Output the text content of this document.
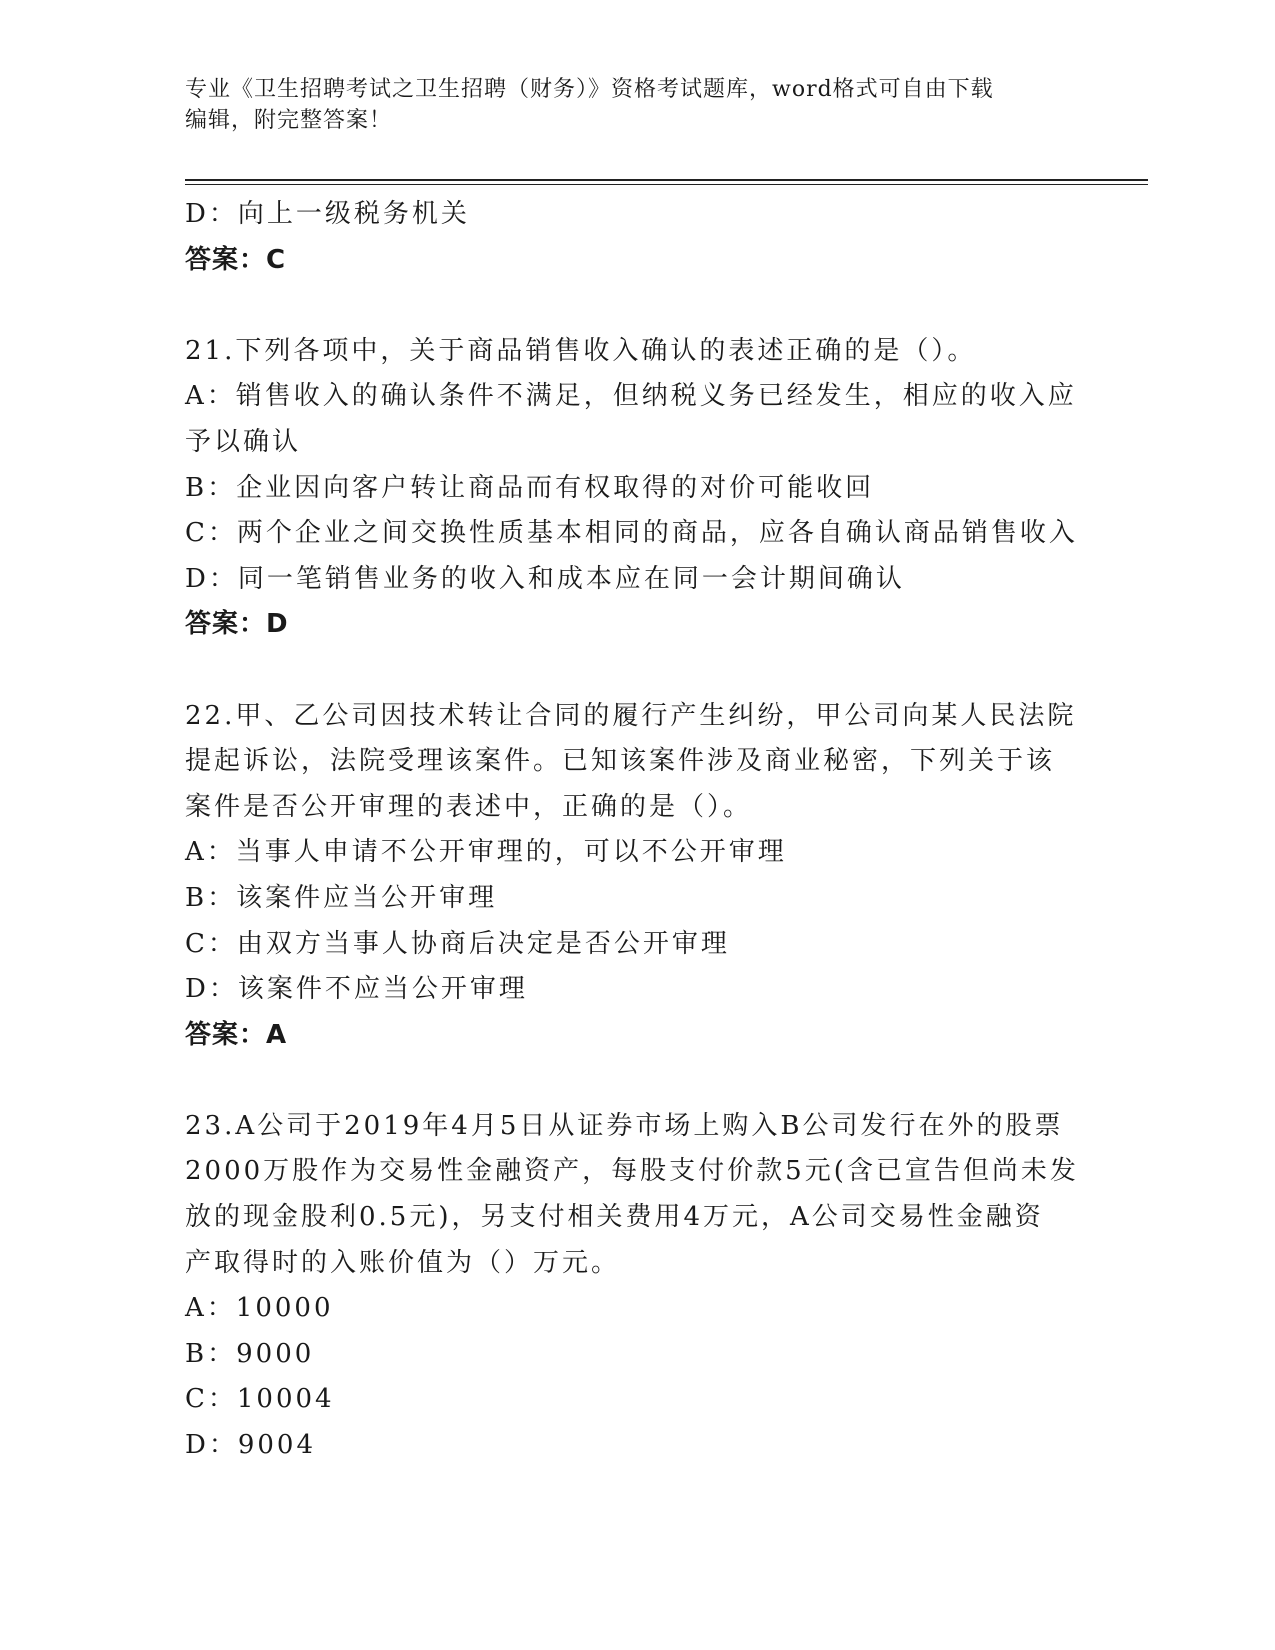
专业《卫生招聘考试之卫生招聘（财务）》资格考试题库，word格式可自由下载
编辑，附完整答案！
D：向上一级税务机关
答案：C
21.下列各项中，关于商品销售收入确认的表述正确的是（）。
A：销售收入的确认条件不满足，但纳税义务已经发生，相应的收入应
予以确认
B：企业因向客户转让商品而有权取得的对价可能收回
C：两个企业之间交换性质基本相同的商品，应各自确认商品销售收入
D：同一笔销售业务的收入和成本应在同一会计期间确认
答案：D
22.甲、乙公司因技术转让合同的履行产生纠纷，甲公司向某人民法院
提起诉讼，法院受理该案件。已知该案件涉及商业秘密，下列关于该
案件是否公开审理的表述中，正确的是（）。
A：当事人申请不公开审理的，可以不公开审理
B：该案件应当公开审理
C：由双方当事人协商后决定是否公开审理
D：该案件不应当公开审理
答案：A
23.A公司于2019年4月5日从证券市场上购入B公司发行在外的股票
2000万股作为交易性金融资产，每股支付价款5元(含已宣告但尚未发
放的现金股利0.5元)，另支付相关费用4万元，A公司交易性金融资
产取得时的入账价值为（）万元。
A：10000
B：9000
C：10004
D：9004
